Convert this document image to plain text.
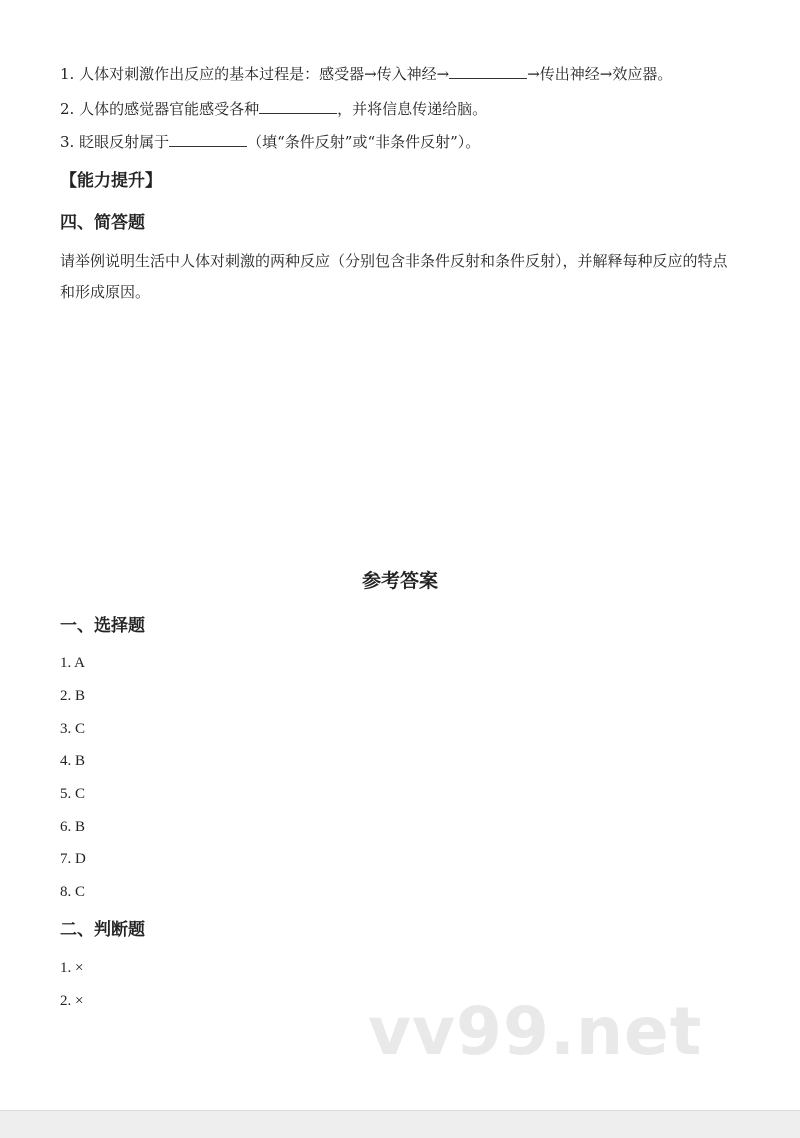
1. 人体对刺激作出反应的基本过程是：感受器→传入神经→	→传出神经→效应器。
2. 人体的感觉器官能感受各种	，并将信息传递给脑。
3. 眨眼反射属于	（填“条件反射”或“非条件反射”）。
【能力提升】
四、简答题
请举例说明生活中人体对刺激的两种反应（分别包含非条件反射和条件反射），并解释每种反应的特点和形成原因。
参考答案
一、选择题
1. A
2. B
3. C
4. B
5. C
6. B
7. D
8. C
二、判断题
1. ×
2. ×	vv99.net
